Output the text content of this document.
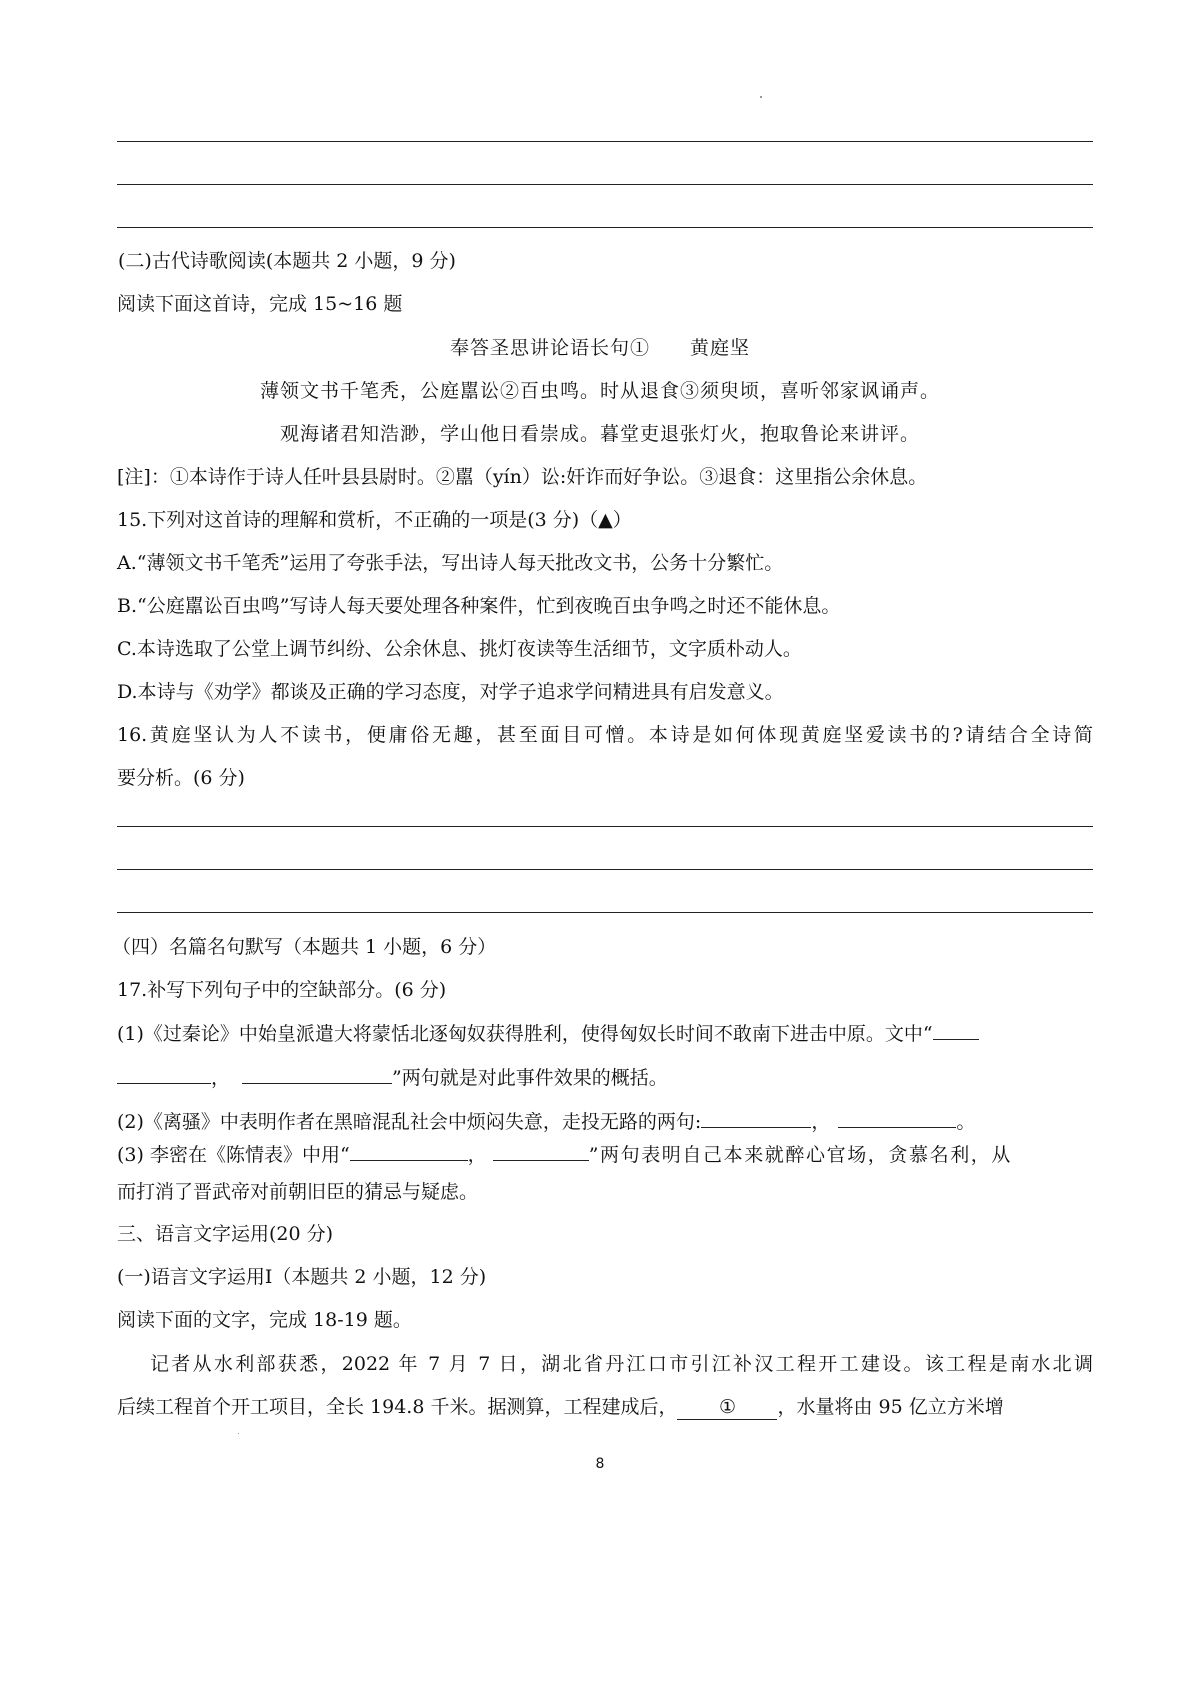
(二)古代诗歌阅读(本题共 2 小题，9 分)
阅读下面这首诗，完成 15~16 题
奉答圣思讲论语长句①　　黄庭坚
薄领文书千笔秃，公庭嚚讼②百虫鸣。时从退食③须臾顷，喜听邻家讽诵声。
观海诸君知浩渺，学山他日看崇成。暮堂吏退张灯火，抱取鲁论来讲评。
[注]：①本诗作于诗人任叶县县尉时。②嚚（yín）讼:奸诈而好争讼。③退食：这里指公余休息。
15.下列对这首诗的理解和赏析，不正确的一项是(3 分)（▲）
A.“薄领文书千笔秃”运用了夸张手法，写出诗人每天批改文书，公务十分繁忙。
B.“公庭嚚讼百虫鸣”写诗人每天要处理各种案件，忙到夜晚百虫争鸣之时还不能休息。
C.本诗选取了公堂上调节纠纷、公余休息、挑灯夜读等生活细节，文字质朴动人。
D.本诗与《劝学》都谈及正确的学习态度，对学子追求学问精进具有启发意义。
16.黄庭坚认为人不读书，便庸俗无趣，甚至面目可憎。本诗是如何体现黄庭坚爱读书的?请结合全诗简
要分析。(6 分)
（四）名篇名句默写（本题共 1 小题，6 分）
17.补写下列句子中的空缺部分。(6 分)
(1)《过秦论》中始皇派遣大将蒙恬北逐匈奴获得胜利，使得匈奴长时间不敢南下进击中原。文中“
，	”两句就是对此事件效果的概括。
(2)《离骚》中表明作者在黑暗混乱社会中烦闷失意，走投无路的两句:	，	。
(3) 李密在《陈情表》中用“	，	”两句表明自己本来就醉心官场，贪慕名利，从
而打消了晋武帝对前朝旧臣的猜忌与疑虑。
三、语言文字运用(20 分)
(一)语言文字运用Ⅰ（本题共 2 小题，12 分)
阅读下面的文字，完成 18-19 题。
记者从水利部获悉，2022 年 7 月 7 日，湖北省丹江口市引江补汉工程开工建设。该工程是南水北调
后续工程首个开工项目，全长 194.8 千米。据测算，工程建成后，	①	，水量将由 95 亿立方米增
8
